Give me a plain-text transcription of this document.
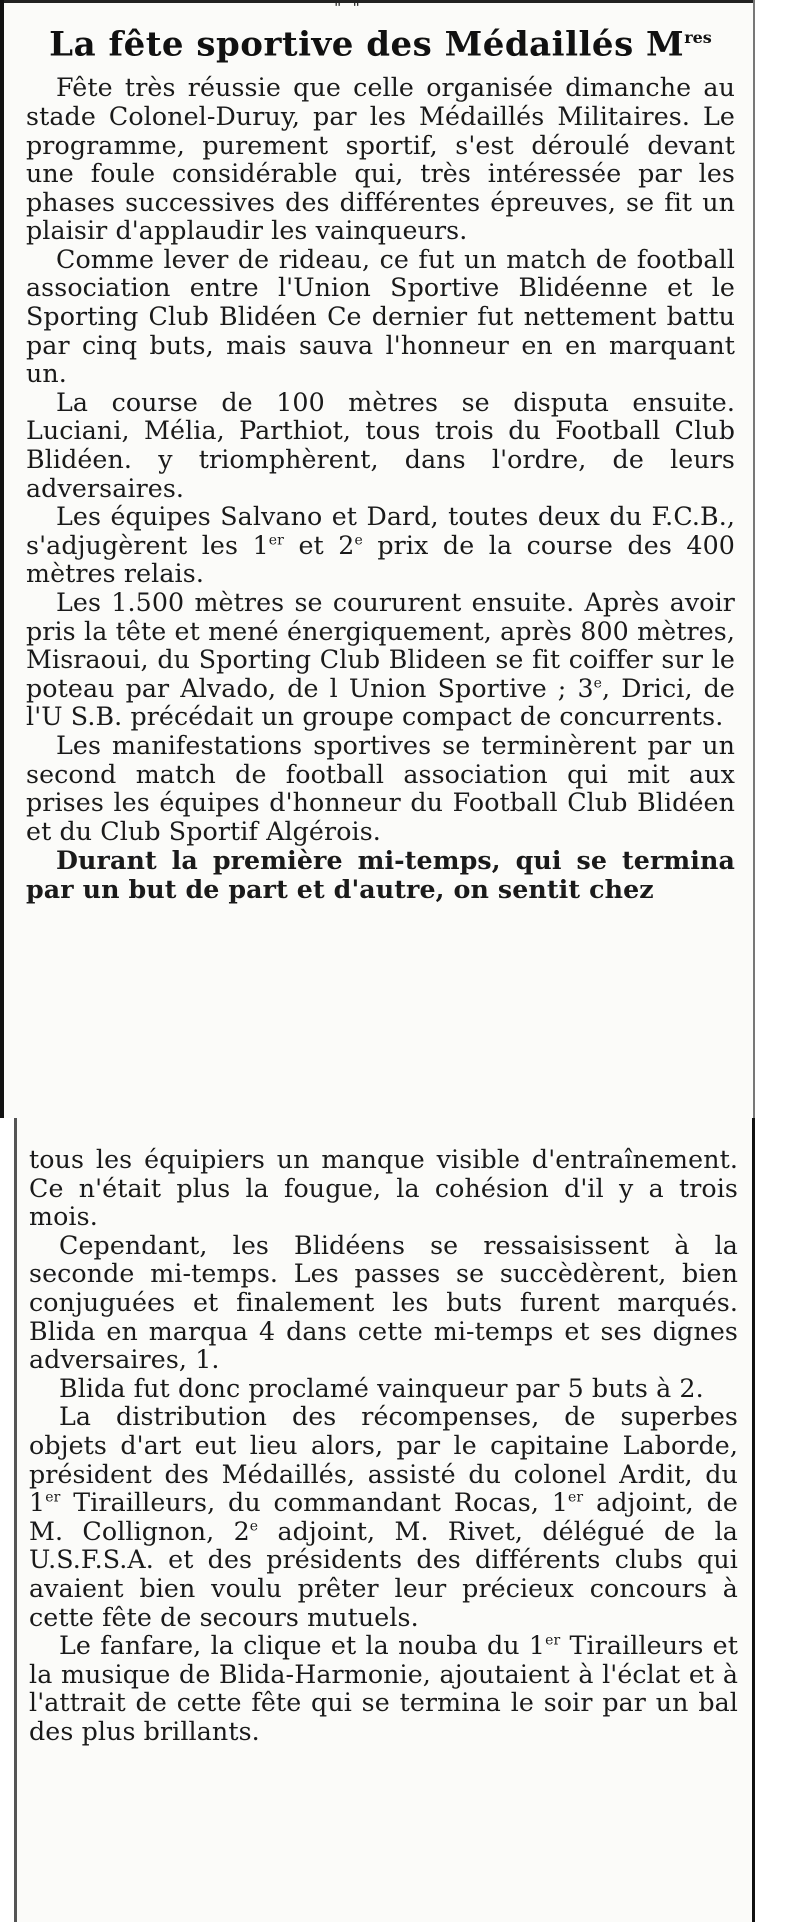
" "
La fête sportive des Médaillés Mres

Fête très réussie que celle organisée dimanche au stade Colonel-Duruy, par les Médaillés Militaires. Le programme, purement sportif, s'est déroulé devant une foule considérable qui, très intéressée par les phases successives des différentes épreuves, se fit un plaisir d'applaudir les vainqueurs.

Comme lever de rideau, ce fut un match de football association entre l'Union Sportive Blidéenne et le Sporting Club Blidéen Ce dernier fut nettement battu par cinq buts, mais sauva l'honneur en en marquant un.

La course de 100 mètres se disputa ensuite. Luciani, Mélia, Parthiot, tous trois du Football Club Blidéen. y triomphèrent, dans l'ordre, de leurs adversaires.

Les équipes Salvano et Dard, toutes deux du F.C.B., s'adjugèrent les 1er et 2e prix de la course des 400 mètres relais.

Les 1.500 mètres se coururent ensuite. Après avoir pris la tête et mené énergiquement, après 800 mètres, Misraoui, du Sporting Club Blideen se fit coiffer sur le poteau par Alvado, de l Union Sportive ; 3e, Drici, de l'U S.B. précédait un groupe compact de concurrents.

Les manifestations sportives se terminèrent par un second match de football association qui mit aux prises les équipes d'honneur du Football Club Blidéen et du Club Sportif Algérois.

Durant la première mi-temps, qui se termina par un but de part et d'autre, on sentit chez

tous les équipiers un manque visible d'entraînement. Ce n'était plus la fougue, la cohésion d'il y a trois mois.

Cependant, les Blidéens se ressaisissent à la seconde mi-temps. Les passes se succèdèrent, bien conjuguées et finalement les buts furent marqués. Blida en marqua 4 dans cette mi-temps et ses dignes adversaires, 1.

Blida fut donc proclamé vainqueur par 5 buts à 2.

La distribution des récompenses, de superbes objets d'art eut lieu alors, par le capitaine Laborde, président des Médaillés, assisté du colonel Ardit, du 1er Tirailleurs, du commandant Rocas, 1er adjoint, de M. Collignon, 2e adjoint, M. Rivet, délégué de la U.S.F.S.A. et des présidents des différents clubs qui avaient bien voulu prêter leur précieux concours à cette fête de secours mutuels.

Le fanfare, la clique et la nouba du 1er Tirailleurs et la musique de Blida-Harmonie, ajoutaient à l'éclat et à l'attrait de cette fête qui se termina le soir par un bal des plus brillants.
